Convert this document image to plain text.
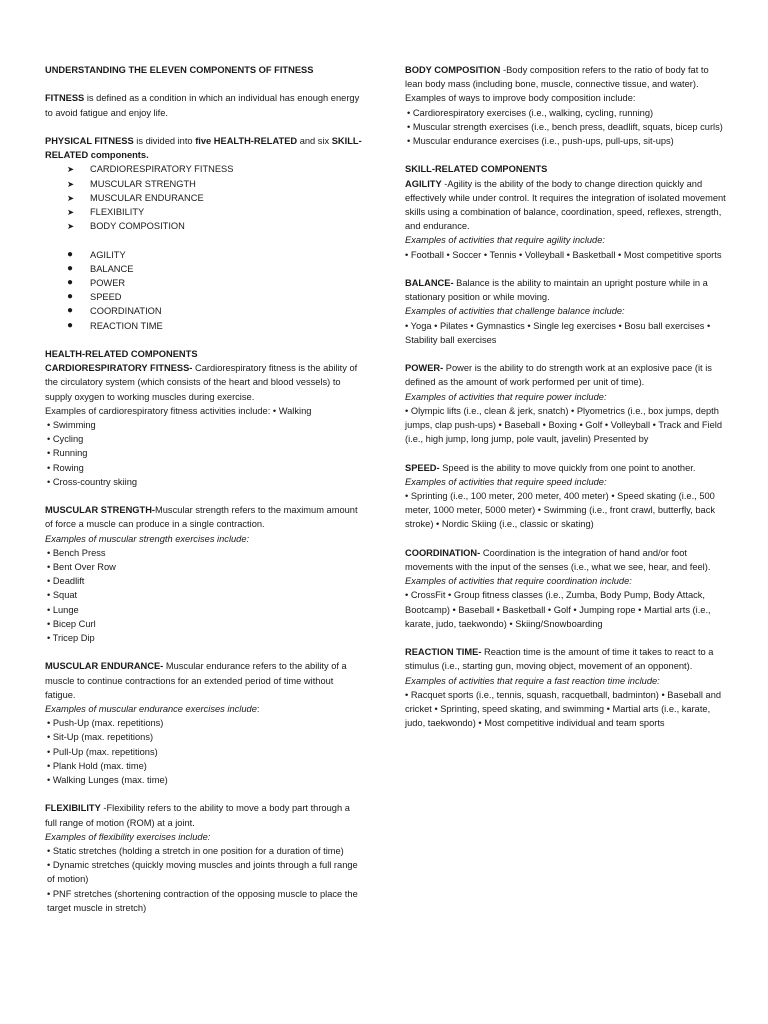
UNDERSTANDING THE ELEVEN COMPONENTS OF FITNESS

FITNESS is defined as a condition in which an individual has enough energy to avoid fatigue and enjoy life.

PHYSICAL FITNESS is divided into five HEALTH-RELATED and six SKILL-RELATED components.

➤ CARDIORESPIRATORY FITNESS
➤ MUSCULAR STRENGTH
➤ MUSCULAR ENDURANCE
➤ FLEXIBILITY
➤ BODY COMPOSITION
● AGILITY
● BALANCE
● POWER
● SPEED
● COORDINATION
● REACTION TIME

HEALTH-RELATED COMPONENTS

CARDIORESPIRATORY FITNESS- Cardiorespiratory fitness is the ability of the circulatory system (which consists of the heart and blood vessels) to supply oxygen to working muscles during exercise.

Examples of cardiorespiratory fitness activities include: • Walking

• Swimming
• Cycling
• Running
• Rowing
• Cross-country skiing

MUSCULAR STRENGTH-Muscular strength refers to the maximum amount of force a muscle can produce in a single contraction.

Examples of muscular strength exercises include:

• Bench Press
• Bent Over Row
• Deadlift
• Squat
• Lunge
• Bicep Curl
• Tricep Dip

MUSCULAR ENDURANCE- Muscular endurance refers to the ability of a muscle to continue contractions for an extended period of time without fatigue.

Examples of muscular endurance exercises include:

• Push-Up (max. repetitions)
• Sit-Up (max. repetitions)
• Pull-Up (max. repetitions)
• Plank Hold (max. time)
• Walking Lunges (max. time)

FLEXIBILITY -Flexibility refers to the ability to move a body part through a full range of motion (ROM) at a joint.

Examples of flexibility exercises include:

• Static stretches (holding a stretch in one position for a duration of time)
• Dynamic stretches (quickly moving muscles and joints through a full range of motion)
• PNF stretches (shortening contraction of the opposing muscle to place the target muscle in stretch)

BODY COMPOSITION -Body composition refers to the ratio of body fat to lean body mass (including bone, muscle, connective tissue, and water).

Examples of ways to improve body composition include:

• Cardiorespiratory exercises (i.e., walking, cycling, running)
• Muscular strength exercises (i.e., bench press, deadlift, squats, bicep curls)
• Muscular endurance exercises (i.e., push-ups, pull-ups, sit-ups)

SKILL-RELATED COMPONENTS

AGILITY -Agility is the ability of the body to change direction quickly and effectively while under control. It requires the integration of isolated movement skills using a combination of balance, coordination, speed, reflexes, strength, and endurance.

Examples of activities that require agility include:

• Football • Soccer • Tennis • Volleyball • Basketball • Most competitive sports

BALANCE- Balance is the ability to maintain an upright posture while in a stationary position or while moving.

Examples of activities that challenge balance include:

• Yoga • Pilates • Gymnastics • Single leg exercises • Bosu ball exercises • Stability ball exercises

POWER- Power is the ability to do strength work at an explosive pace (it is defined as the amount of work performed per unit of time).

Examples of activities that require power include:

• Olympic lifts (i.e., clean & jerk, snatch) • Plyometrics (i.e., box jumps, depth jumps, clap push-ups) • Baseball • Boxing • Golf • Volleyball • Track and Field (i.e., high jump, long jump, pole vault, javelin) Presented by

SPEED- Speed is the ability to move quickly from one point to another.

Examples of activities that require speed include:

• Sprinting (i.e., 100 meter, 200 meter, 400 meter) • Speed skating (i.e., 500 meter, 1000 meter, 5000 meter) • Swimming (i.e., front crawl, butterfly, back stroke) • Nordic Skiing (i.e., classic or skating)

COORDINATION- Coordination is the integration of hand and/or foot movements with the input of the senses (i.e., what we see, hear, and feel).

Examples of activities that require coordination include:

• CrossFit • Group fitness classes (i.e., Zumba, Body Pump, Body Attack, Bootcamp) • Baseball • Basketball • Golf • Jumping rope • Martial arts (i.e., karate, judo, taekwondo) • Skiing/Snowboarding

REACTION TIME- Reaction time is the amount of time it takes to react to a stimulus (i.e., starting gun, moving object, movement of an opponent).

Examples of activities that require a fast reaction time include:

• Racquet sports (i.e., tennis, squash, racquetball, badminton) • Baseball and cricket • Sprinting, speed skating, and swimming • Martial arts (i.e., karate, judo, taekwondo) • Most competitive individual and team sports
